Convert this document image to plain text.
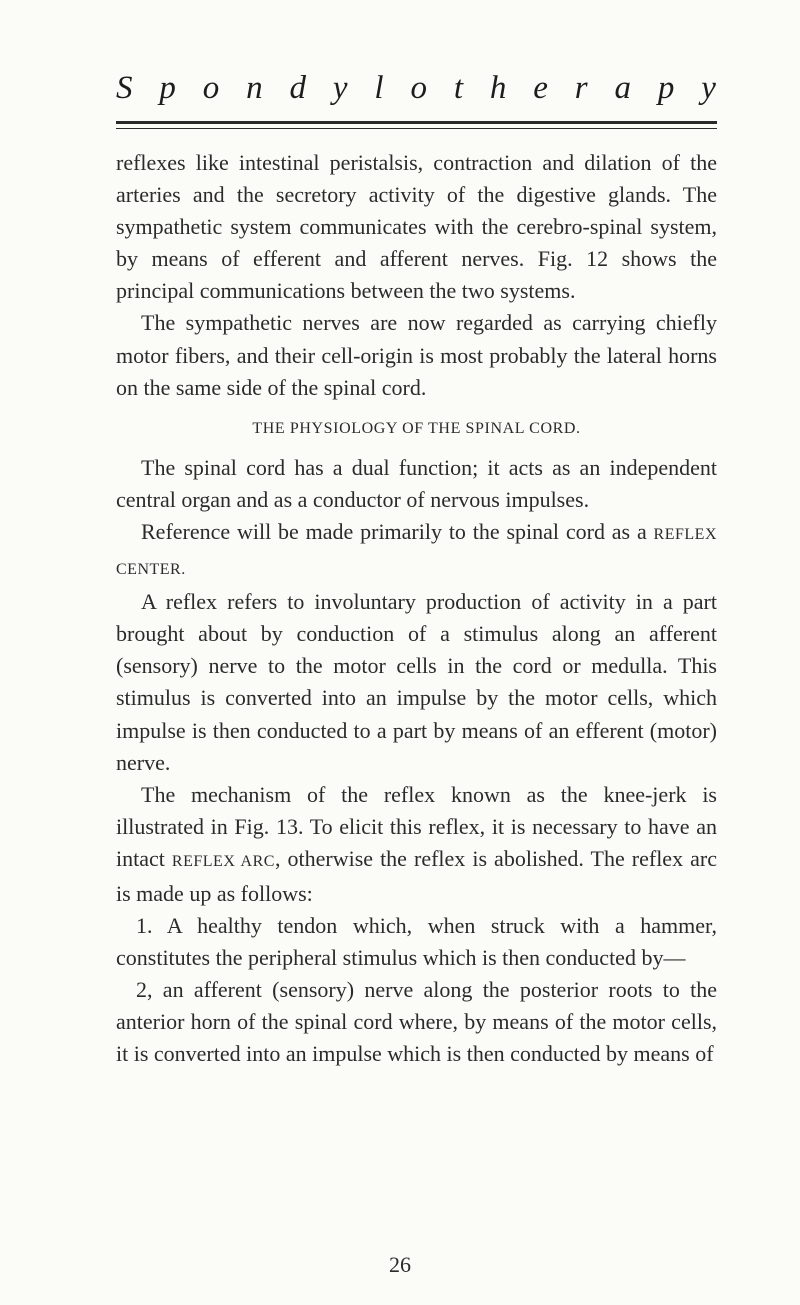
S p o n d y l o t h e r a p y

reflexes like intestinal peristalsis, contraction and dilation of the arteries and the secretory activity of the digestive glands. The sympathetic system communicates with the cerebro-spinal system, by means of efferent and afferent nerves. Fig. 12 shows the principal communications between the two systems.

The sympathetic nerves are now regarded as carrying chiefly motor fibers, and their cell-origin is most probably the lateral horns on the same side of the spinal cord.

THE PHYSIOLOGY OF THE SPINAL CORD.

The spinal cord has a dual function; it acts as an independent central organ and as a conductor of nervous impulses.

Reference will be made primarily to the spinal cord as a REFLEX CENTER.

A reflex refers to involuntary production of activity in a part brought about by conduction of a stimulus along an afferent (sensory) nerve to the motor cells in the cord or medulla. This stimulus is converted into an impulse by the motor cells, which impulse is then conducted to a part by means of an efferent (motor) nerve.

The mechanism of the reflex known as the knee-jerk is illustrated in Fig. 13. To elicit this reflex, it is necessary to have an intact REFLEX ARC, otherwise the reflex is abolished. The reflex arc is made up as follows:

1. A healthy tendon which, when struck with a hammer, constitutes the peripheral stimulus which is then conducted by—

2, an afferent (sensory) nerve along the posterior roots to the anterior horn of the spinal cord where, by means of the motor cells, it is converted into an impulse which is then conducted by means of

26
